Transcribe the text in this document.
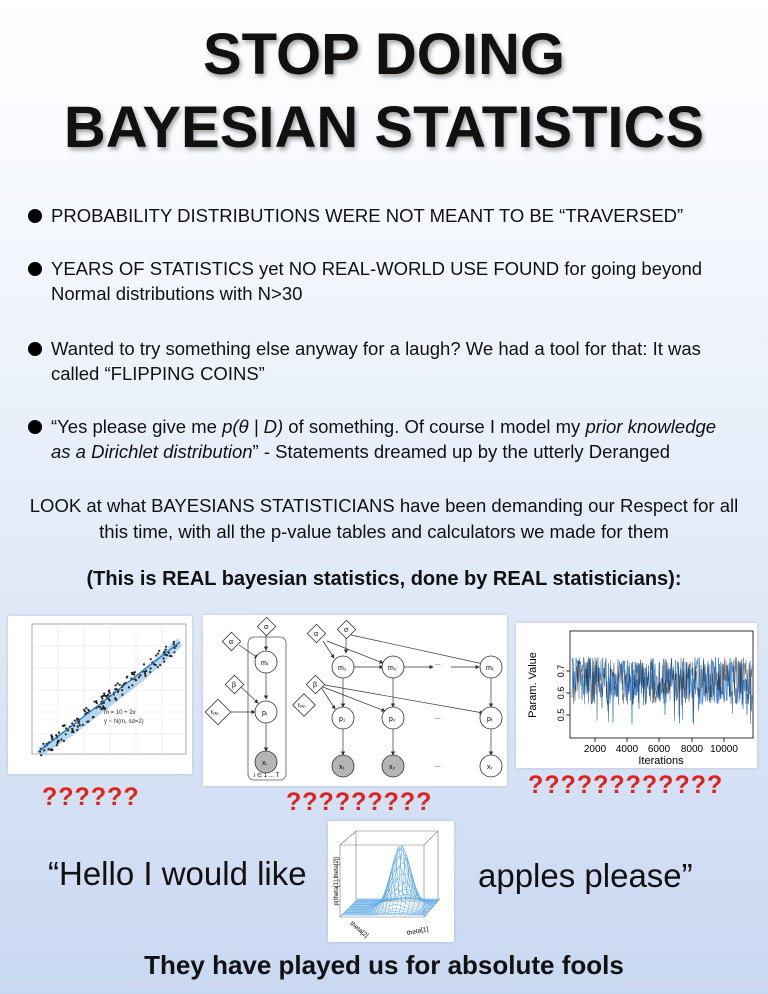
STOP DOING
BAYESIAN STATISTICS
PROBABILITY DISTRIBUTIONS WERE NOT MEANT TO BE “TRAVERSED”
YEARS OF STATISTICS yet NO REAL-WORLD USE FOUND for going beyond Normal distributions with N>30
Wanted to try something else anyway for a laugh? We had a tool for that: It was called “FLIPPING COINS”
“Yes please give me p(θ | D) of something. Of course I model my prior knowledge as a Dirichlet distribution” - Statements dreamed up by the utterly Deranged
LOOK at what BAYESIANS STATISTICIANS have been demanding our Respect for all this time, with all the p-value tables and calculators we made for them
(This is REAL bayesian statistics, done by REAL statisticians):
m = 10 + 2x
y ~ N(m, sd=2)
i ∈ 1 ... T
α
σ
mᵢ
β
fₑₓₚ	pᵢ
xᵢ
α
σ
m₁	m₂
...
mₜ
β
fₑₓₚ
p₁	p₂	...	pₜ
x₁	x₂	...	xₜ
2000 4000 6000 8000 10000
0.5
0.6
0.7
Iterations
Param. Value
??????	?????????
????????????
“Hello I would like	p(theta[1],theta[2])
theta[1]
theta[2]
apples please”
They have played us for absolute fools
